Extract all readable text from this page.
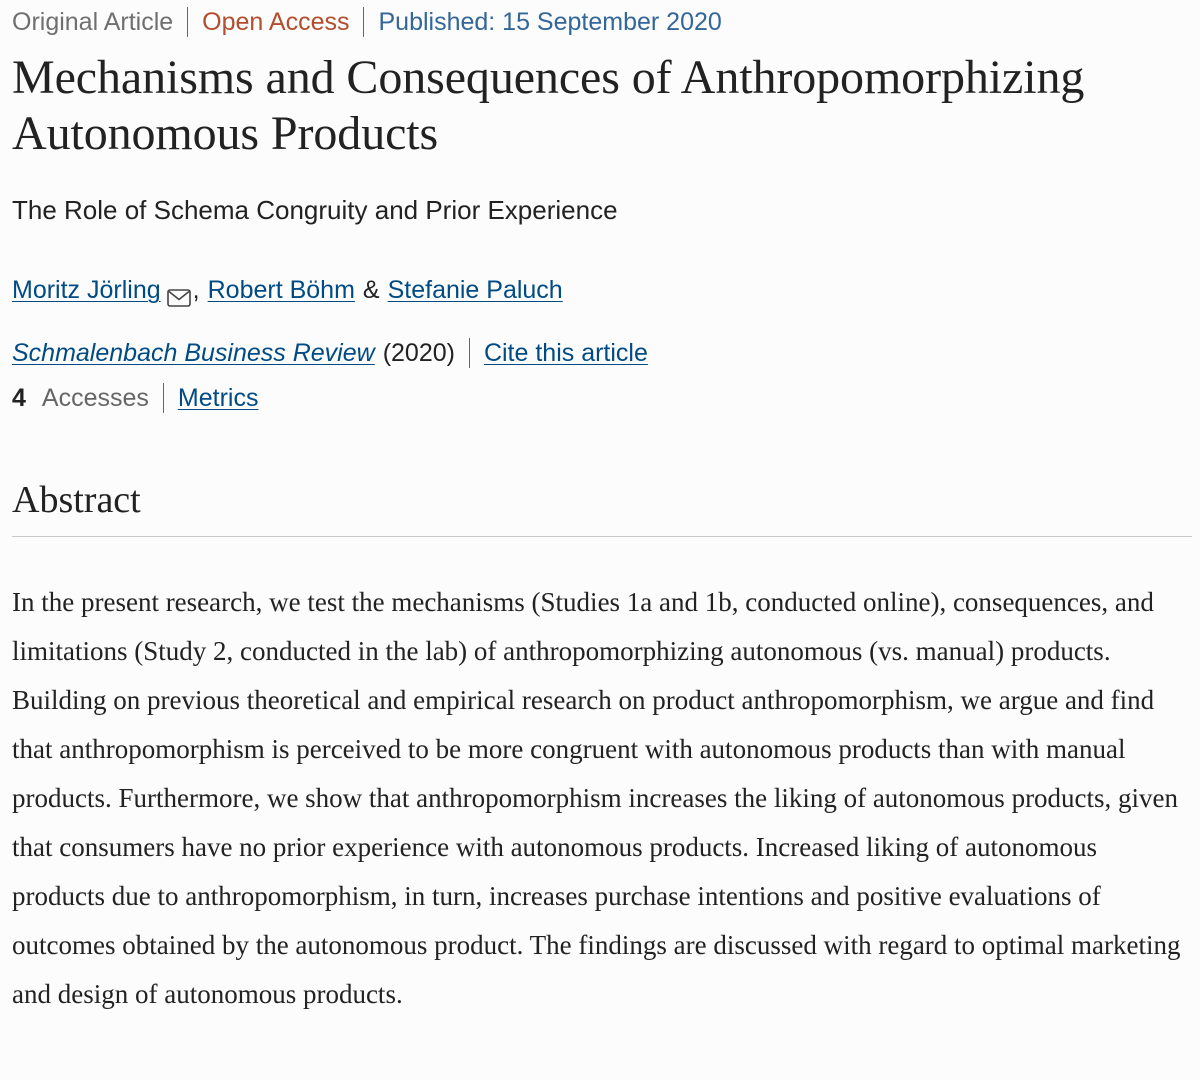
Original Article Open Access Published: 15 September 2020
Mechanisms and Consequences of Anthropomorphizing Autonomous Products
The Role of Schema Congruity and Prior Experience
Moritz Jörling , Robert Böhm & Stefanie Paluch
Schmalenbach Business Review (2020) Cite this article
4 Accesses Metrics
Abstract

In the present research, we test the mechanisms (Studies 1a and 1b, conducted online), consequences, and limitations (Study 2, conducted in the lab) of anthropomorphizing autonomous (vs. manual) products. Building on previous theoretical and empirical research on product anthropomorphism, we argue and find that anthropomorphism is perceived to be more congruent with autonomous products than with manual products. Furthermore, we show that anthropomorphism increases the liking of autonomous products, given that consumers have no prior experience with autonomous products. Increased liking of autonomous products due to anthropomorphism, in turn, increases purchase intentions and positive evaluations of outcomes obtained by the autonomous product. The findings are discussed with regard to optimal marketing and design of autonomous products.
